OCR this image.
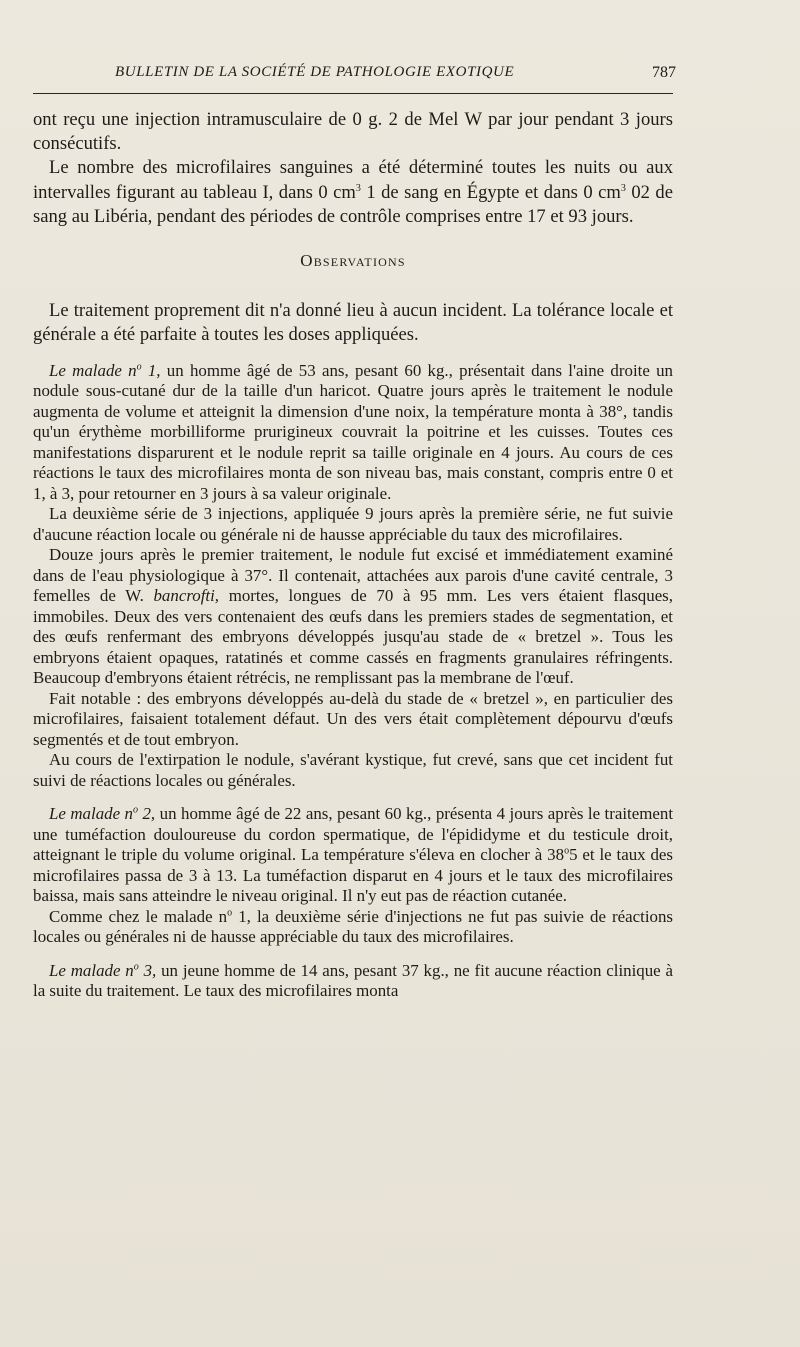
BULLETIN DE LA SOCIÉTÉ DE PATHOLOGIE EXOTIQUE	787

ont reçu une injection intramusculaire de 0 g. 2 de Mel W par jour pendant 3 jours consécutifs.

Le nombre des microfilaires sanguines a été déterminé toutes les nuits ou aux intervalles figurant au tableau I, dans 0 $cm^3$ 1 de sang en Égypte et dans 0 $cm^3$ 02 de sang au Libéria, pendant des périodes de contrôle comprises entre 17 et 93 jours.

Observations

Le traitement proprement dit n'a donné lieu à aucun incident. La tolérance locale et générale a été parfaite à toutes les doses appliquées.

Le malade $n^o$ 1, un homme âgé de 53 ans, pesant 60 kg., présentait dans l'aine droite un nodule sous-cutané dur de la taille d'un haricot. Quatre jours après le traitement le nodule augmenta de volume et atteignit la dimension d'une noix, la température monta à 38°, tandis qu'un érythème morbilliforme prurigineux couvrait la poitrine et les cuisses. Toutes ces manifestations disparurent et le nodule reprit sa taille originale en 4 jours. Au cours de ces réactions le taux des microfilaires monta de son niveau bas, mais constant, compris entre 0 et 1, à 3, pour retourner en 3 jours à sa valeur originale.

La deuxième série de 3 injections, appliquée 9 jours après la première série, ne fut suivie d'aucune réaction locale ou générale ni de hausse appréciable du taux des microfilaires.

Douze jours après le premier traitement, le nodule fut excisé et immédiatement examiné dans de l'eau physiologique à 37°. Il contenait, attachées aux parois d'une cavité centrale, 3 femelles de W. bancrofti, mortes, longues de 70 à 95 mm. Les vers étaient flasques, immobiles. Deux des vers contenaient des œufs dans les premiers stades de segmentation, et des œufs renfermant des embryons développés jusqu'au stade de « bretzel ». Tous les embryons étaient opaques, ratatinés et comme cassés en fragments granulaires réfringents. Beaucoup d'embryons étaient rétrécis, ne remplissant pas la membrane de l'œuf.

Fait notable : des embryons développés au-delà du stade de « bretzel », en particulier des microfilaires, faisaient totalement défaut. Un des vers était complètement dépourvu d'œufs segmentés et de tout embryon.

Au cours de l'extirpation le nodule, s'avérant kystique, fut crevé, sans que cet incident fut suivi de réactions locales ou générales.

Le malade $n^o$ 2, un homme âgé de 22 ans, pesant 60 kg., présenta 4 jours après le traitement une tuméfaction douloureuse du cordon spermatique, de l'épididyme et du testicule droit, atteignant le triple du volume original. La température s'éleva en clocher à 38$^o$5 et le taux des microfilaires passa de 3 à 13. La tuméfaction disparut en 4 jours et le taux des microfilaires baissa, mais sans atteindre le niveau original. Il n'y eut pas de réaction cutanée.

Comme chez le malade $n^o$ 1, la deuxième série d'injections ne fut pas suivie de réactions locales ou générales ni de hausse appréciable du taux des microfilaires.

Le malade $n^o$ 3, un jeune homme de 14 ans, pesant 37 kg., ne fit aucune réaction clinique à la suite du traitement. Le taux des microfilaires monta
